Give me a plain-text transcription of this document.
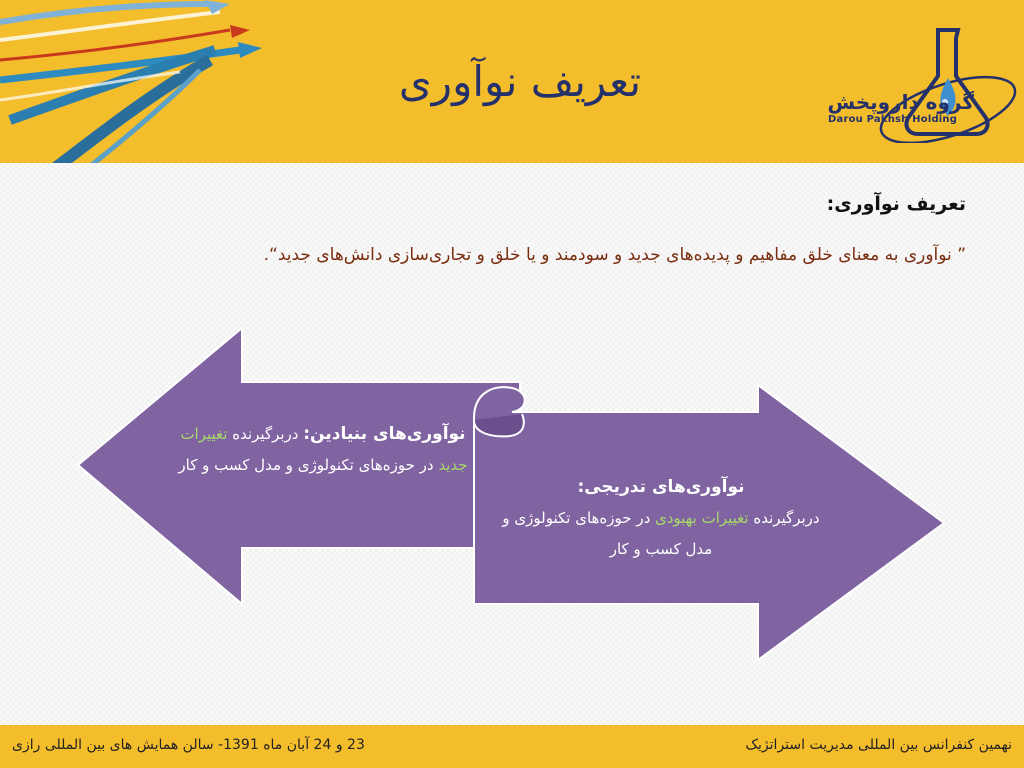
تعریف نوآوری	گروه داروپخش
Darou Pakhsh Holding
تعریف نوآوری:
” نوآوری به معنای خلق مفاهیم و پدیده‌های جدید و سودمند و یا خلق و تجاری‌سازی دانش‌های جدید“.
نوآوری‌های بنیادین: دربرگیرنده تغییرات جدید در حوزه‌های تکنولوژی و مدل کسب و کار
نوآوری‌های تدریجی:
دربرگیرنده تغییرات بهبودی در حوزه‌های تکنولوژی و مدل کسب و کار
نهمین کنفرانس بین المللی مدیریت استراتژیک
23 و 24 آبان ماه 1391- سالن همایش های بین المللی رازی
